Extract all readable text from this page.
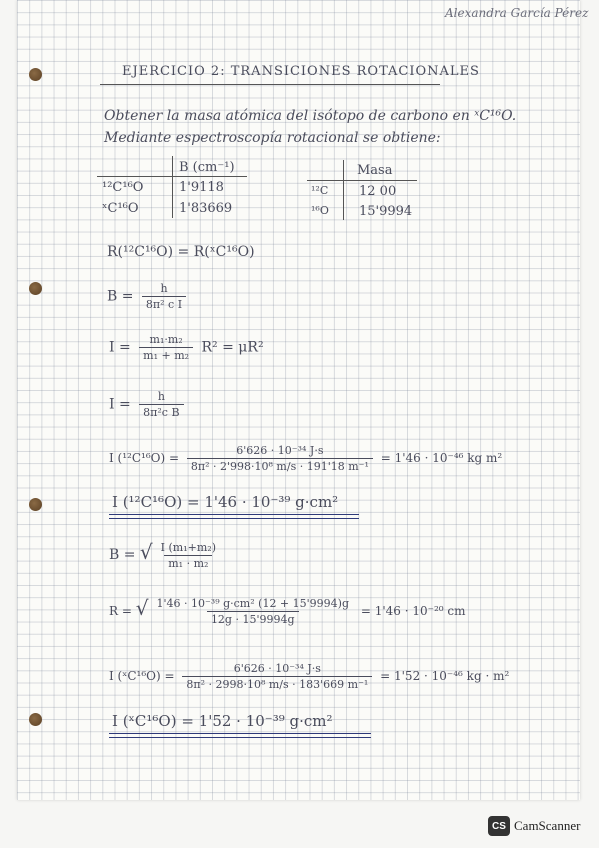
Alexandra García Pérez
EJERCICIO 2: TRANSICIONES ROTACIONALES
Obtener la masa atómica del isótopo de carbono en ˣC¹⁶O.
Mediante espectroscopía rotacional se obtiene:
B (cm⁻¹)
¹²C¹⁶O	1'9118
ˣC¹⁶O	1'83669
Masa
¹²C 12 00
¹⁶O 15'9994
R(¹²C¹⁶O) = R(ˣC¹⁶O)
$B = \frac{h}{\text{8π² c I}}$
$I = \frac{\text{m₁·m₂}}{\text{m₁ + m₂}} R^2 = \mu R^2$
$I = \frac{h}{\text{8π²c B}}$
I $(^{12}C^{16}O) = \frac{\text{6'626 · 10⁻³⁴ J·s}}{\text{8π² · 2'998·10⁸ m/s · 191'18 m⁻¹}} = 1'46 \cdot 10^{-46}$ kg m²
I (¹²C¹⁶O) = 1'46 · 10⁻³⁹ g·cm²
B = √ $\frac{\text{I (m₁+m₂)}}{\text{m₁ · m₂}}$
R = √ $\frac{\text{1'46 · 10⁻³⁹ g·cm² (12 + 15'9994)g}}{12g \cdot 15'9994g} = 1'46 \cdot 10^{-20}$ cm
I (ˣC¹⁶O) = $\frac{\text{6'626 · 10⁻³⁴ J·s}}{\text{8π² · 2998·10⁸ m/s · 183'669 m⁻¹}} = 1'52 \cdot 10^{-46}$ kg · m²
I (ˣC¹⁶O) = 1'52 · 10⁻³⁹ g·cm²
CS CamScanner
